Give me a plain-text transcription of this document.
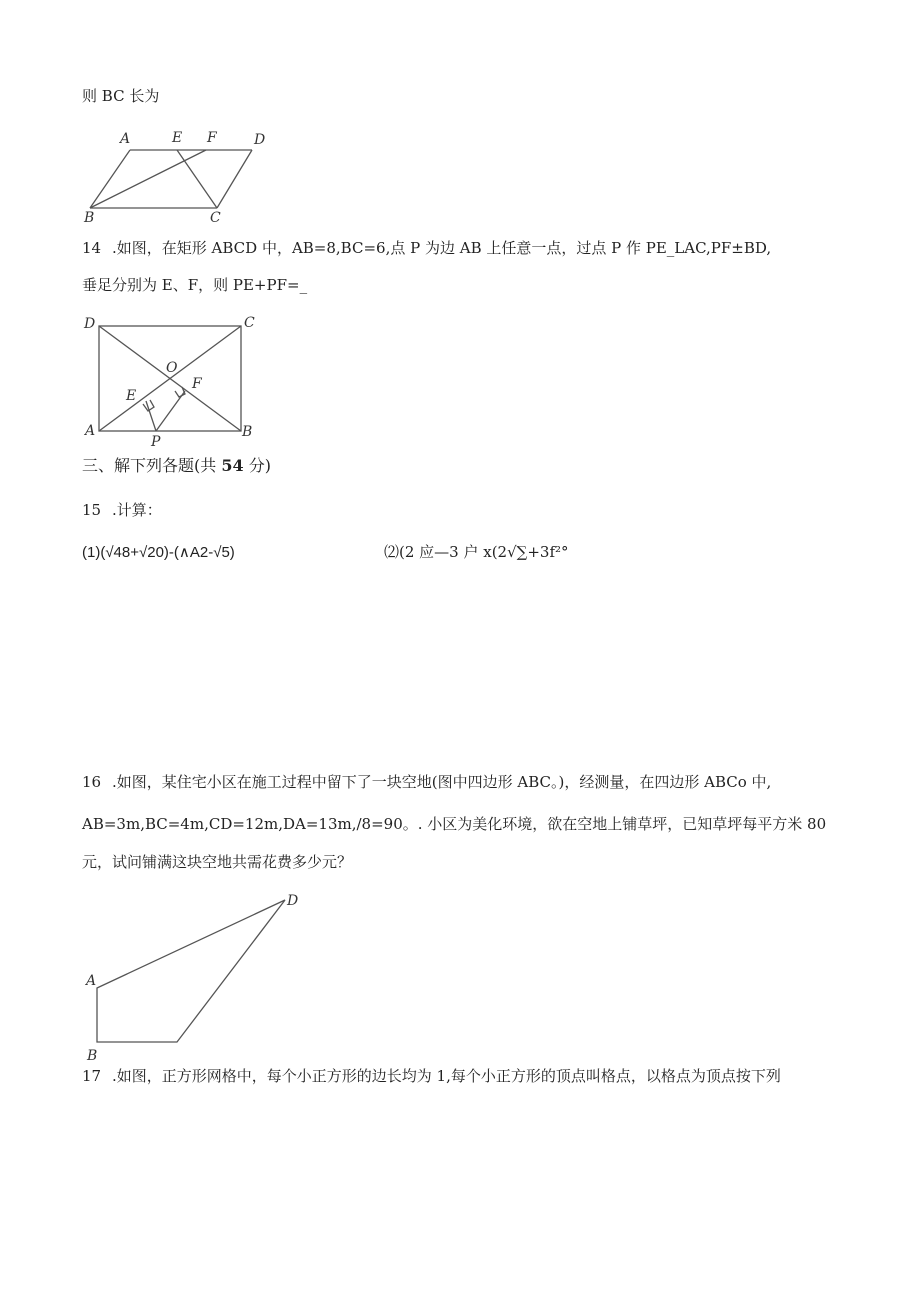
则 BC 长为
A	E F	D
B	C
14 .如图，在矩形 ABCD 中，AB=8,BC=6,点 P 为边 AB 上任意一点，过点 P 作 PE_LAC,PF±BD,
垂足分别为 E、F，则 PE+PF=_
D	C
O
E
F
A
P
B
三、解下列各题(共 54 分)
15 .计算：
(1)(√48+√20)-(∧A2-√5)	⑵(2 应—3 户 x(2√∑+3f²°
16 .如图，某住宅小区在施工过程中留下了一块空地(图中四边形 ABC。)，经测量，在四边形 ABCo 中,
AB=3m,BC=4m,CD=12m,DA=13m,/8=90。. 小区为美化环境，欲在空地上铺草坪，已知草坪每平方米 80
元，试问铺满这块空地共需花费多少元？
D
A
B
17 .如图，正方形网格中，每个小正方形的边长均为 1,每个小正方形的顶点叫格点，以格点为顶点按下列
